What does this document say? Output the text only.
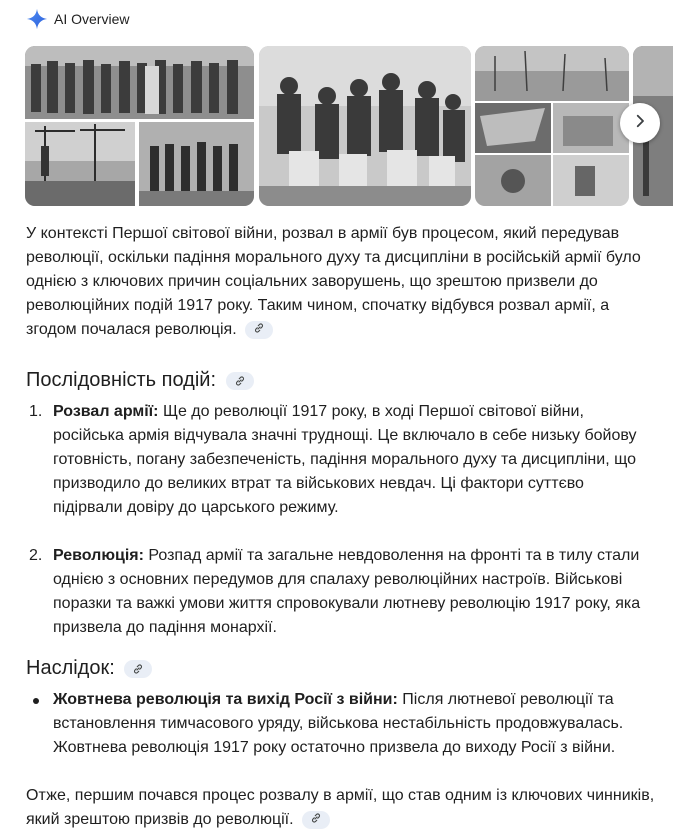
AI Overview

У контексті Першої світової війни, розвал в армії був процесом, який передував революції, оскільки падіння морального духу та дисципліни в російській армії було однією з ключових причин соціальних заворушень, що зрештою призвели до революційних подій 1917 року. Таким чином, спочатку відбувся розвал армії, а згодом почалася революція.

Послідовність подій:
1. Розвал армії: Ще до революції 1917 року, в ході Першої світової війни, російська армія відчувала значні труднощі. Це включало в себе низьку бойову готовність, погану забезпеченість, падіння морального духу та дисципліни, що призводило до великих втрат та військових невдач. Ці фактори суттєво підірвали довіру до царського режиму.
2. Революція: Розпад армії та загальне невдоволення на фронті та в тилу стали однією з основних передумов для спалаху революційних настроїв. Військові поразки та важкі умови життя спровокували лютневу революцію 1917 року, яка призвела до падіння монархії.
Наслідок:
Жовтнева революція та вихід Росії з війни: Після лютневої революції та встановлення тимчасового уряду, військова нестабільність продовжувалась. Жовтнева революція 1917 року остаточно призвела до виходу Росії з війни.

Отже, першим почався процес розвалу в армії, що став одним із ключових чинників, який зрештою призвів до революції.
